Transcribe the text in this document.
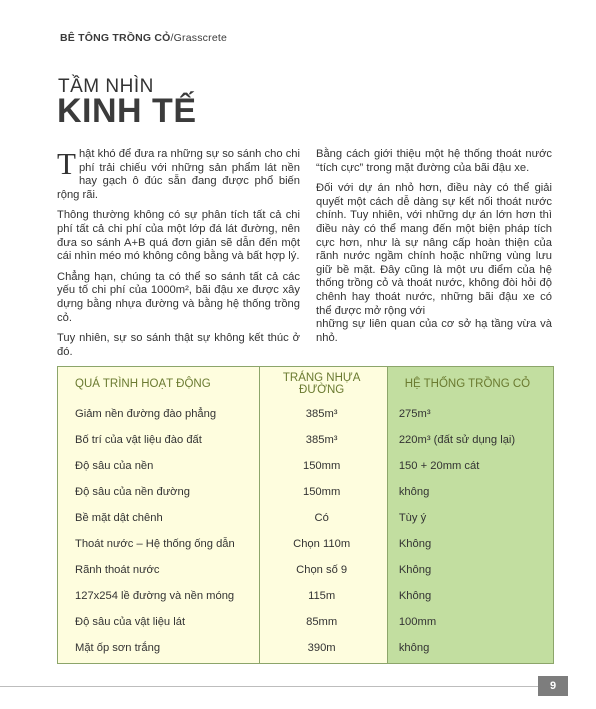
BÊ TÔNG TRỒNG CỎ/Grasscrete
TẦM NHÌN
KINH TẾ

Thật khó để đưa ra những sự so sánh cho chi phí trải chiếu với những sản phẩm lát nền hay gạch ô đúc sẵn đang được phổ biến rộng rãi.

Thông thường không có sự phân tích tất cả chi phí tất cả chi phí của một lớp đá lát đường, nên đưa so sánh A+B quá đơn giản sẽ dẫn đến một cái nhìn méo mó không công bằng và bất hợp lý.

Chẳng hạn, chúng ta có thể so sánh tất cả các yếu tố chi phí của 1000m², bãi đậu xe được xây dựng bằng nhựa đường và bằng hệ thống trồng cỏ.

Tuy nhiên, sự so sánh thật sự không kết thúc ở đó.

Bằng cách giới thiệu một hệ thống thoát nước “tích cực” trong mặt đường của bãi đậu xe.

Đối với dự án nhỏ hơn, điều này có thể giải quyết một cách dễ dàng sự kết nối thoát nước chính. Tuy nhiên, với những dự án lớn hơn thì điều này có thể mang đến một biện pháp tích cực hơn, như là sự nâng cấp hoàn thiện của rãnh nước ngầm chính hoặc những vùng lưu giữ bề mặt. Đây cũng là một ưu điểm của hệ thống trồng cỏ và thoát nước, không đòi hỏi độ chênh hay thoát nước, những bãi đậu xe có thể được mở rộng với

những sự liên quan của cơ sở hạ tầng vừa và nhỏ.

QUÁ TRÌNH HOẠT ĐỘNG	TRÁNG NHỰA ĐƯỜNG	HỆ THỐNG TRỒNG CỎ
Giảm nền đường đào phẳng	385m³	275m³
Bố trí của vật liệu đào đất	385m³	220m³ (đất sử dụng lại)
Độ sâu của nền	150mm	150 + 20mm cát
Độ sâu của nền đường	150mm	không
Bề mặt dật chênh	Có	Tùy ý
Thoát nước – Hệ thống ống dẫn	Chọn 110m	Không
Rãnh thoát nước	Chọn số 9	Không
127x254 lề đường và nền móng	115m	Không
Độ sâu của vật liệu lát	85mm	100mm
Mặt ốp sơn trắng	390m	không
9
